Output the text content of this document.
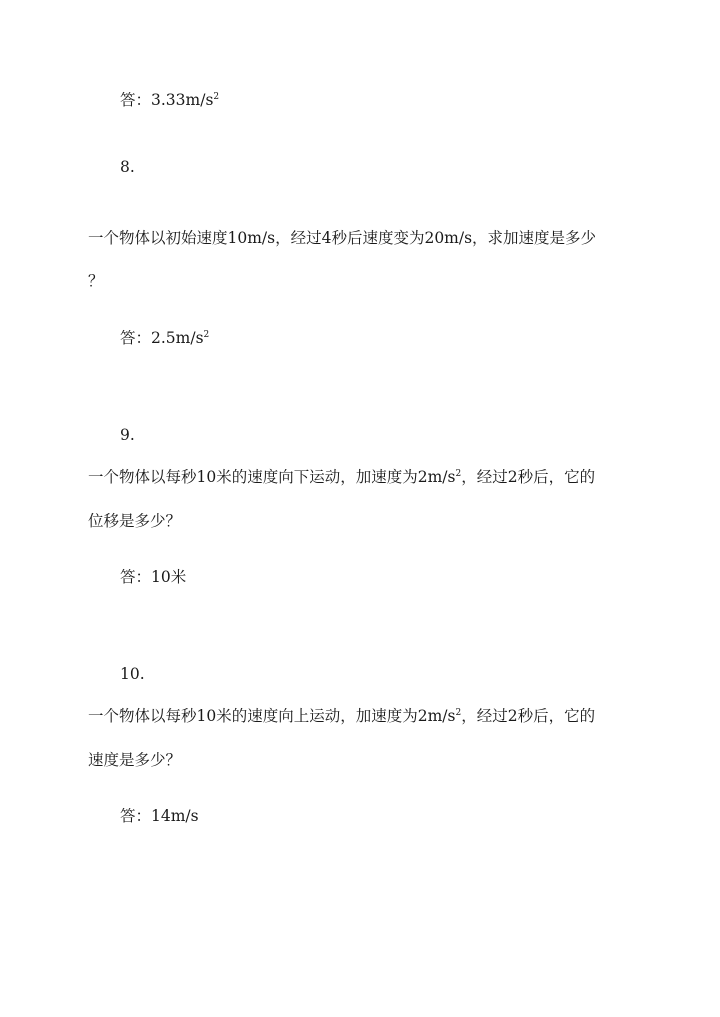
答：$3.33m/s^2$
8.
一个物体以初始速度10m/s，经过4秒后速度变为20m/s，求加速度是多少
？
答：$2.5m/s^2$
9.
一个物体以每秒10米的速度向下运动，加速度为$2m/s^2$，经过2秒后，它的
位移是多少？
答：10米
10.
一个物体以每秒10米的速度向上运动，加速度为$2m/s^2$，经过2秒后，它的
速度是多少？
答：14m/s
